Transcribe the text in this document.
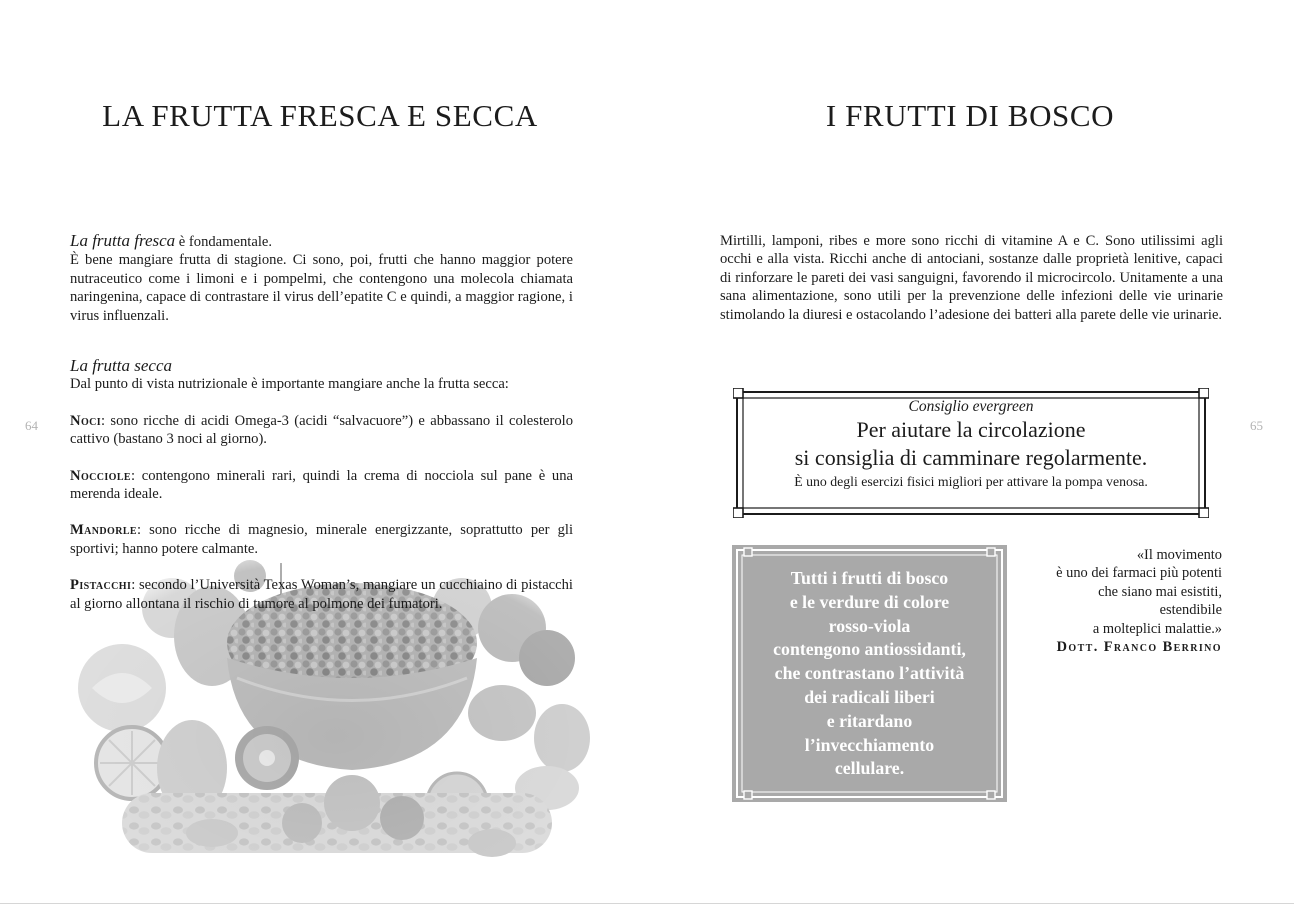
64	65
LA FRUTTA FRESCA E SECCA	I FRUTTI DI BOSCO
La frutta fresca è fondamentale.
È bene mangiare frutta di stagione. Ci sono, poi, frutti che hanno maggior potere nutraceutico come i limoni e i pompelmi, che contengono una molecola chiamata naringenina, capace di contrastare il virus dell’epatite C e quindi, a maggior ragione, i virus influenzali.
La frutta secca
Dal punto di vista nutrizionale è importante mangiare anche la frutta secca:
Noci: sono ricche di acidi Omega-3 (acidi “salvacuore”) e abbassano il colesterolo cattivo (bastano 3 noci al giorno).
Nocciole: contengono minerali rari, quindi la crema di nocciola sul pane è una merenda ideale.
Mandorle: sono ricche di magnesio, minerale energizzante, soprattutto per gli sportivi; hanno potere calmante.
Pistacchi: secondo l’Università Texas Woman’s, mangiare un cucchiaino di pistacchi al giorno allontana il rischio di tumore al polmone dei fumatori.
Mirtilli, lamponi, ribes e more sono ricchi di vitamine A e C. Sono utilissimi agli occhi e alla vista. Ricchi anche di antociani, sostanze dalle proprietà lenitive, capaci di rinforzare le pareti dei vasi sanguigni, favorendo il microcircolo. Unitamente a una sana alimentazione, sono utili per la prevenzione delle infezioni delle vie urinarie stimolando la diuresi e ostacolando l’adesione dei batteri alla parete delle vie urinarie.
Consiglio evergreen
Per aiutare la circolazione
si consiglia di camminare regolarmente.
È uno degli esercizi fisici migliori per attivare la pompa venosa.
Tutti i frutti di bosco
e le verdure di colore
rosso-viola
contengono antiossidanti,
che contrastano l’attività
dei radicali liberi
e ritardano
l’invecchiamento
cellulare.
«Il movimento
è uno dei farmaci più potenti
che siano mai esistiti,
estendibile
a molteplici malattie.»
Dott. Franco Berrino
